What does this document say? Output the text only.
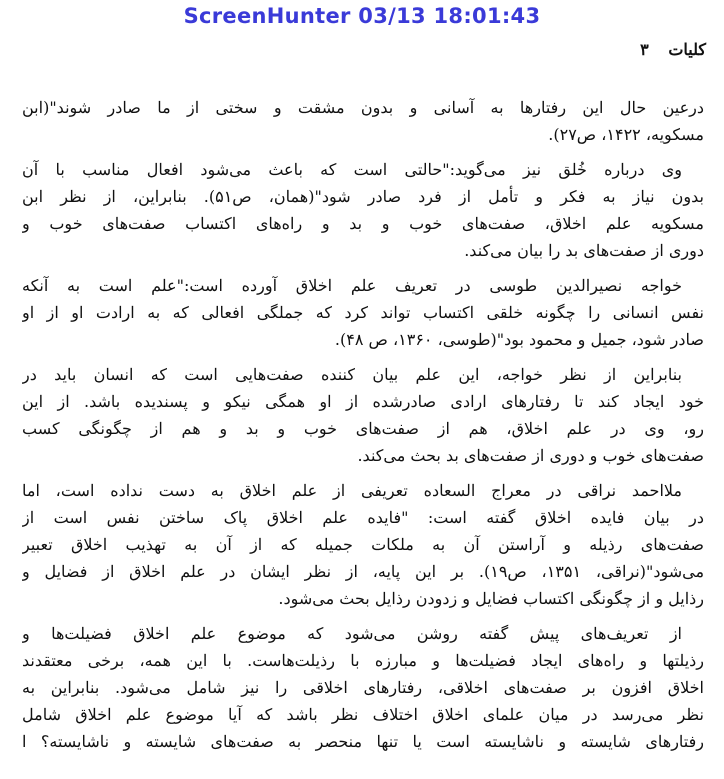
ScreenHunter 03/13 18:01:43
کلیات ۳
درعین حال این رفتارها به آسانی و بدون مشقت و سختی از ما صادر شوند"(ابن
مسکویه، ۱۴۲۲، ص۲۷).
وی درباره خُلق نیز می‌گوید:"حالتی است که باعث می‌شود افعال مناسب با آن
بدون نیاز به فکر و تأمل از فرد صادر شود"(همان، ص۵۱). بنابراین، از نظر ابن
مسکویه علم اخلاق، صفت‌های خوب و بد و راه‌های اکتساب صفت‌های خوب و
دوری از صفت‌های بد را بیان می‌کند.
خواجه نصیرالدین طوسی در تعریف علم اخلاق آورده است:"علم است به آنکه
نفس انسانی را چگونه خلقی اکتساب تواند کرد که جملگی افعالی که به ارادت او از او
صادر شود، جمیل و محمود بود"(طوسی، ۱۳۶۰، ص ۴۸).
بنابراین از نظر خواجه، این علم بیان کننده صفت‌هایی است که انسان باید در
خود ایجاد کند تا رفتارهای ارادی صادرشده از او همگی نیکو و پسندیده باشد. از این
رو، وی در علم اخلاق، هم از صفت‌های خوب و بد و هم از چگونگی کسب
صفت‌های خوب و دوری از صفت‌های بد بحث می‌کند.
ملااحمد نراقی در معراج السعاده تعریفی از علم اخلاق به دست نداده است، اما
در بیان فایده اخلاق گفته است: "فایده علم اخلاق پاک ساختن نفس است از
صفت‌های رذیله و آراستن آن به ملکات جمیله که از آن به تهذیب اخلاق تعبیر
می‌شود"(نراقی، ۱۳۵۱، ص۱۹). بر این پایه، از نظر ایشان در علم اخلاق از فضایل و
رذایل و از چگونگی اکتساب فضایل و زدودن رذایل بحث می‌شود.
از تعریف‌های پیش گفته روشن می‌شود که موضوع علم اخلاق فضیلت‌ها و
رذیلتها و راه‌های ایجاد فضیلت‌ها و مبارزه با رذیلت‌هاست. با این همه، برخی معتقدند
اخلاق افزون بر صفت‌های اخلاقی، رفتارهای اخلاقی را نیز شامل می‌شود. بنابراین به
نظر می‌رسد در میان علمای اخلاق اختلاف نظر باشد که آیا موضوع علم اخلاق شامل
رفتارهای شایسته و ناشایسته است یا تنها منحصر به صفت‌های شایسته و ناشایسته؟ ا
